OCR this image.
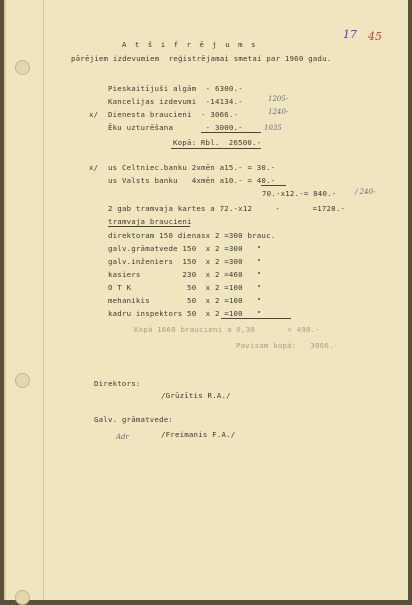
17 45
A t š i f r ē j u m s
pārējiem izdevumiem  reģistrējamai smetai par 1960 gadu.
Pieskaitījuši algām - 6300.-
Kancelijas izdevumi -14134.-
x/ Dienesta braucieni - 3066.-
Ēku uzturēšana	- 3000.-
1205-
1240-
1035
Kopā: Rbl.  26500.-
x/ us Celtniec.banku 2xmēn a15.- = 30.-
us Valsts banku   4xmēn a10.- = 40.-
70.-x12.-= 840.-	/ 240-
2 gab tramvaja kartes a 72.-x12     -       =1728.-
tramvaja braucieni
direktoram 150 dienasx 2 =300 brauc.
galv.grāmatvede 150  x 2 =300   "
galv.inženiers  150  x 2 =300   "
kasiers         230  x 2 =460   "
O T K            50  x 2 =100   "
mehanikis        50  x 2 =100   "
kadru inspektors 50  x 2 =100   "
Kopā 1660 braucieni a 0,30       = 498.-
Pavisam kopā:   3066.-
Direktors:
/Grūzītis R.A./
Galv. grāmatvede:
/Freimanis F.A./
Adr
